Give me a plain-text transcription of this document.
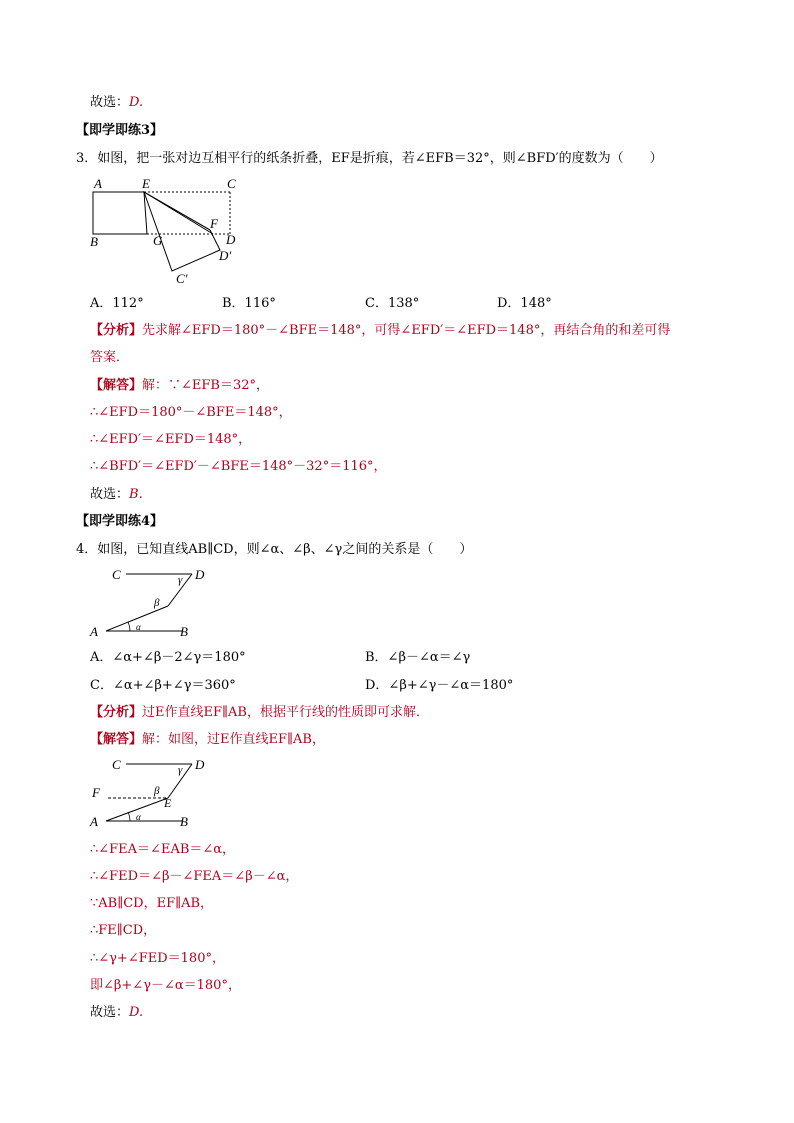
故选：D.
【即学即练3】
3．如图，把一张对边互相平行的纸条折叠，EF是折痕，若∠EFB＝32°，则∠BFD′的度数为（　　）
A	E	C
F
B	G	D
D′
C′
A．112°	B．116°	C．138°	D．148°
【分析】先求解∠EFD＝180°－∠BFE＝148°，可得∠EFD′＝∠EFD＝148°，再结合角的和差可得
答案．
【解答】解：∵∠EFB＝32°，
∴∠EFD＝180°－∠BFE＝148°，
∴∠EFD′＝∠EFD＝148°，
∴∠BFD′＝∠EFD′－∠BFE＝148°－32°＝116°，
故选：B.
【即学即练4】
4．如图，已知直线AB∥CD，则∠α、∠β、∠γ之间的关系是（　　）
C	D
γ
β
A	α	B
A．∠α+∠β－2∠γ＝180°	B．∠β－∠α＝∠γ
C．∠α+∠β+∠γ＝360°	D．∠β+∠γ－∠α＝180°
【分析】过E作直线EF∥AB，根据平行线的性质即可求解．
【解答】解：如图，过E作直线EF∥AB，
C	D
γ
F	β
E
A	α	B
∴∠FEA＝∠EAB＝∠α，
∴∠FED＝∠β－∠FEA＝∠β－∠α，
∵AB∥CD，EF∥AB，
∴FE∥CD，
∴∠γ+∠FED＝180°，
即∠β+∠γ－∠α＝180°，
故选：D.
